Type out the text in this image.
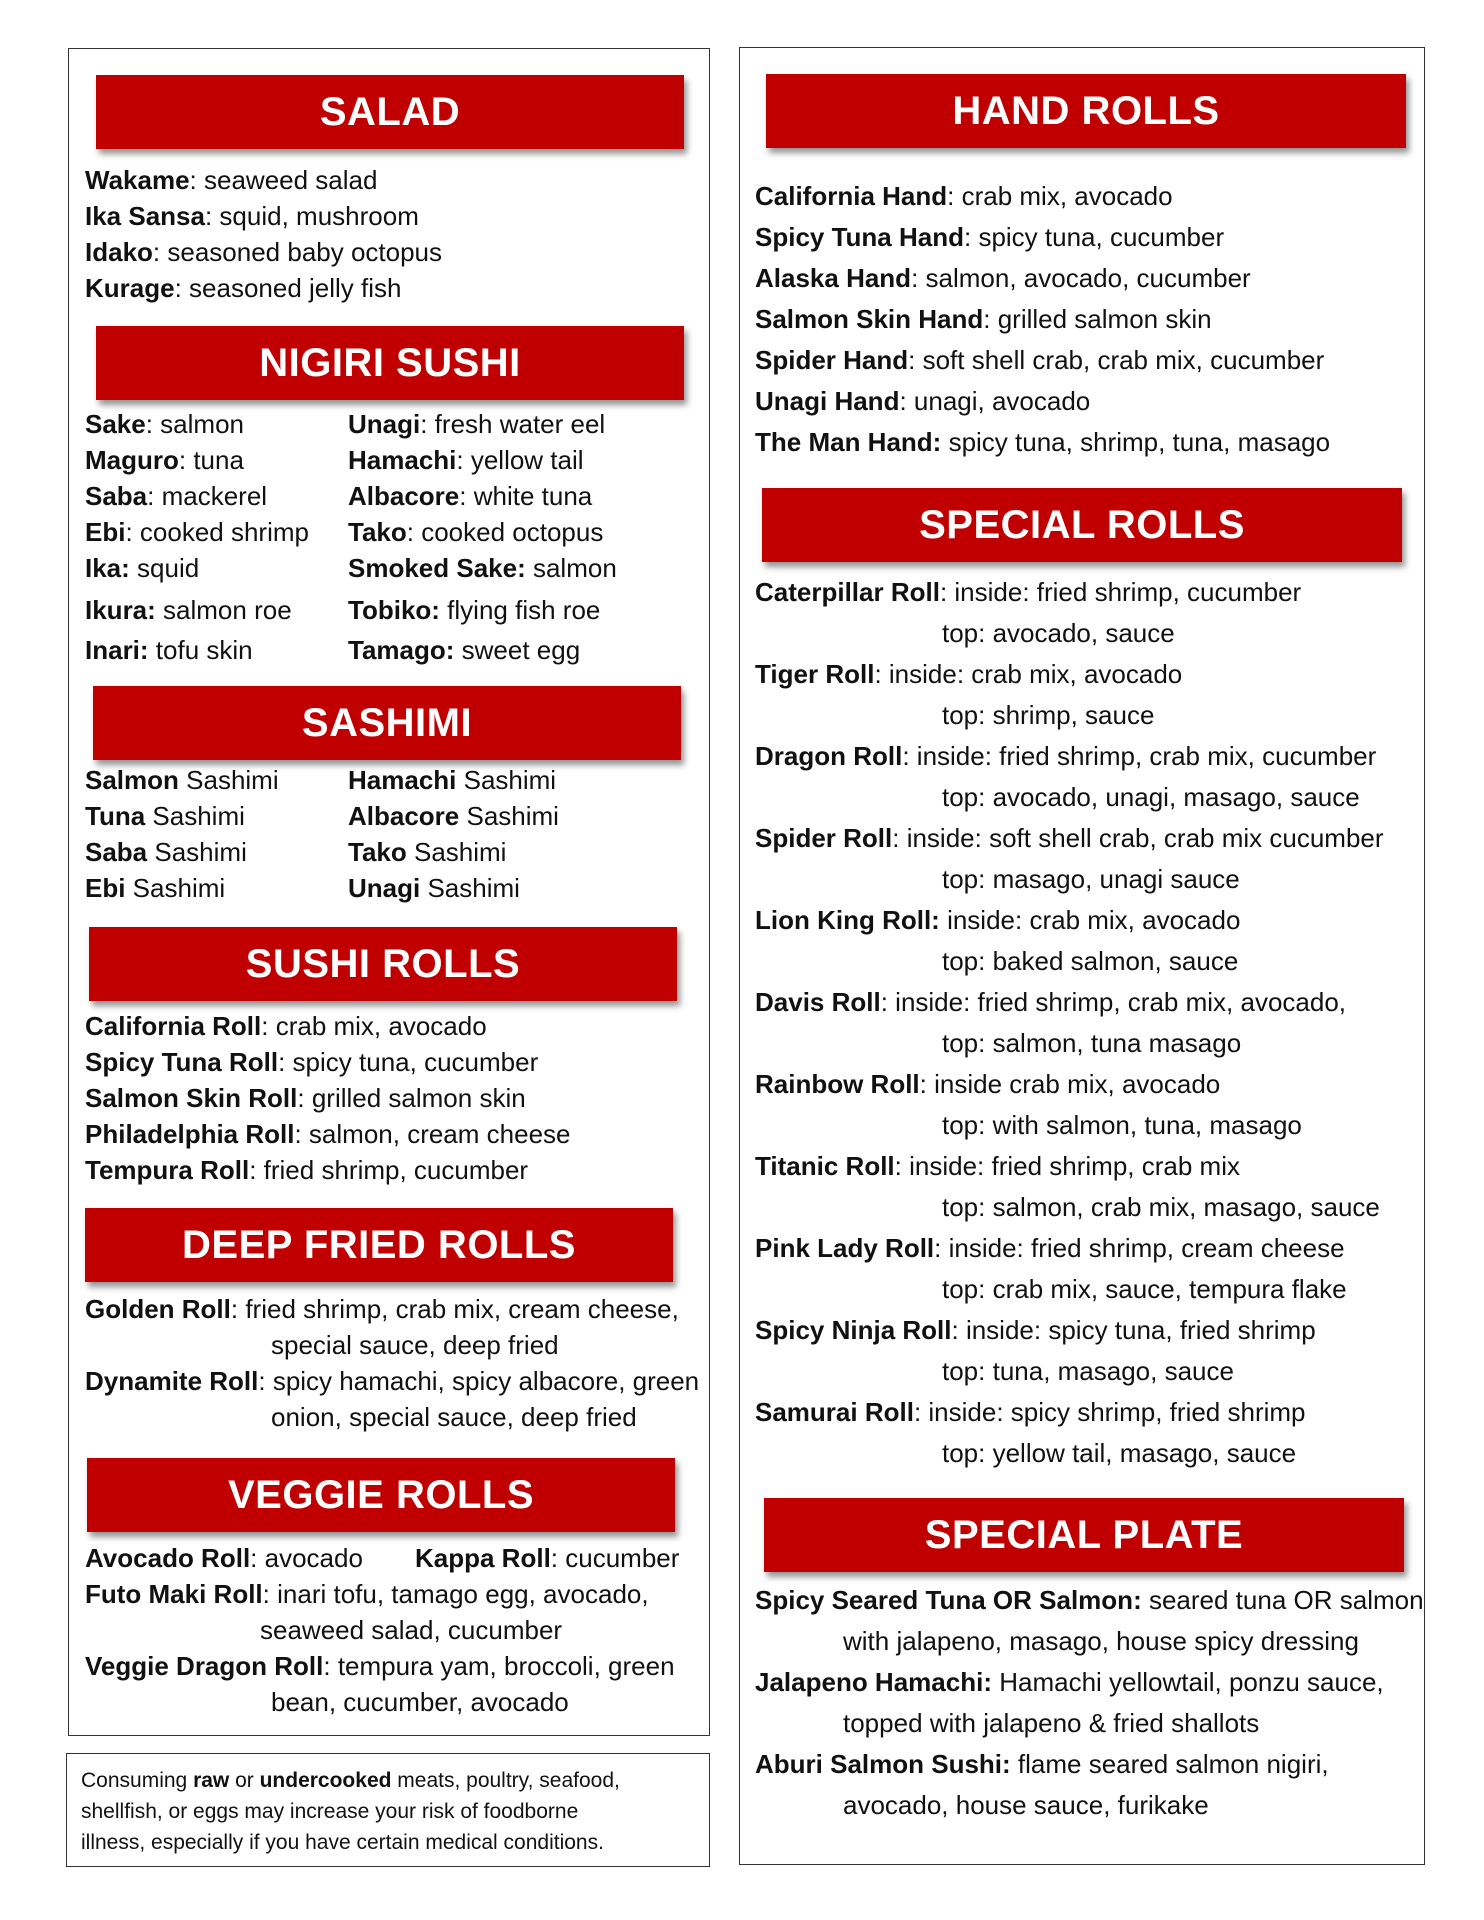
SALAD
Wakame: seaweed salad
Ika Sansa: squid, mushroom
Idako: seasoned baby octopus
Kurage: seasoned jelly fish
NIGIRI SUSHI
Sake: salmon
Maguro: tuna
Saba: mackerel
Ebi: cooked shrimp
Ika: squid
Ikura: salmon roe
Inari: tofu skin
Unagi: fresh water eel
Hamachi: yellow tail
Albacore: white tuna
Tako: cooked octopus
Smoked Sake: salmon
Tobiko: flying fish roe
Tamago: sweet egg
SASHIMI
Salmon Sashimi
Tuna Sashimi
Saba Sashimi
Ebi Sashimi
Hamachi Sashimi
Albacore Sashimi
Tako Sashimi
Unagi Sashimi
SUSHI ROLLS
California Roll: crab mix, avocado
Spicy Tuna Roll: spicy tuna, cucumber
Salmon Skin Roll: grilled salmon skin
Philadelphia Roll: salmon, cream cheese
Tempura Roll: fried shrimp, cucumber
DEEP FRIED ROLLS
Golden Roll: fried shrimp, crab mix, cream cheese,
special sauce, deep fried
Dynamite Roll: spicy hamachi, spicy albacore, green
onion, special sauce, deep fried
VEGGIE ROLLS
Avocado Roll: avocado Kappa Roll: cucumber
Futo Maki Roll: inari tofu, tamago egg, avocado,
seaweed salad, cucumber
Veggie Dragon Roll: tempura yam, broccoli, green
bean, cucumber, avocado
Consuming raw or undercooked meats, poultry, seafood,
shellfish, or eggs may increase your risk of foodborne
illness, especially if you have certain medical conditions.
HAND ROLLS
California Hand: crab mix, avocado
Spicy Tuna Hand: spicy tuna, cucumber
Alaska Hand: salmon, avocado, cucumber
Salmon Skin Hand: grilled salmon skin
Spider Hand: soft shell crab, crab mix, cucumber
Unagi Hand: unagi, avocado
The Man Hand: spicy tuna, shrimp, tuna, masago
SPECIAL ROLLS
Caterpillar Roll: inside: fried shrimp, cucumber
top: avocado, sauce
Tiger Roll: inside: crab mix, avocado
top: shrimp, sauce
Dragon Roll: inside: fried shrimp, crab mix, cucumber
top: avocado, unagi, masago, sauce
Spider Roll: inside: soft shell crab, crab mix cucumber
top: masago, unagi sauce
Lion King Roll: inside: crab mix, avocado
top: baked salmon, sauce
Davis Roll: inside: fried shrimp, crab mix, avocado,
top: salmon, tuna masago
Rainbow Roll: inside crab mix, avocado
top: with salmon, tuna, masago
Titanic Roll: inside: fried shrimp, crab mix
top: salmon, crab mix, masago, sauce
Pink Lady Roll: inside: fried shrimp, cream cheese
top: crab mix, sauce, tempura flake
Spicy Ninja Roll: inside: spicy tuna, fried shrimp
top: tuna, masago, sauce
Samurai Roll: inside: spicy shrimp, fried shrimp
top: yellow tail, masago, sauce
SPECIAL PLATE
Spicy Seared Tuna OR Salmon: seared tuna OR salmon
with jalapeno, masago, house spicy dressing
Jalapeno Hamachi: Hamachi yellowtail, ponzu sauce,
topped with jalapeno & fried shallots
Aburi Salmon Sushi: flame seared salmon nigiri,
avocado, house sauce, furikake
